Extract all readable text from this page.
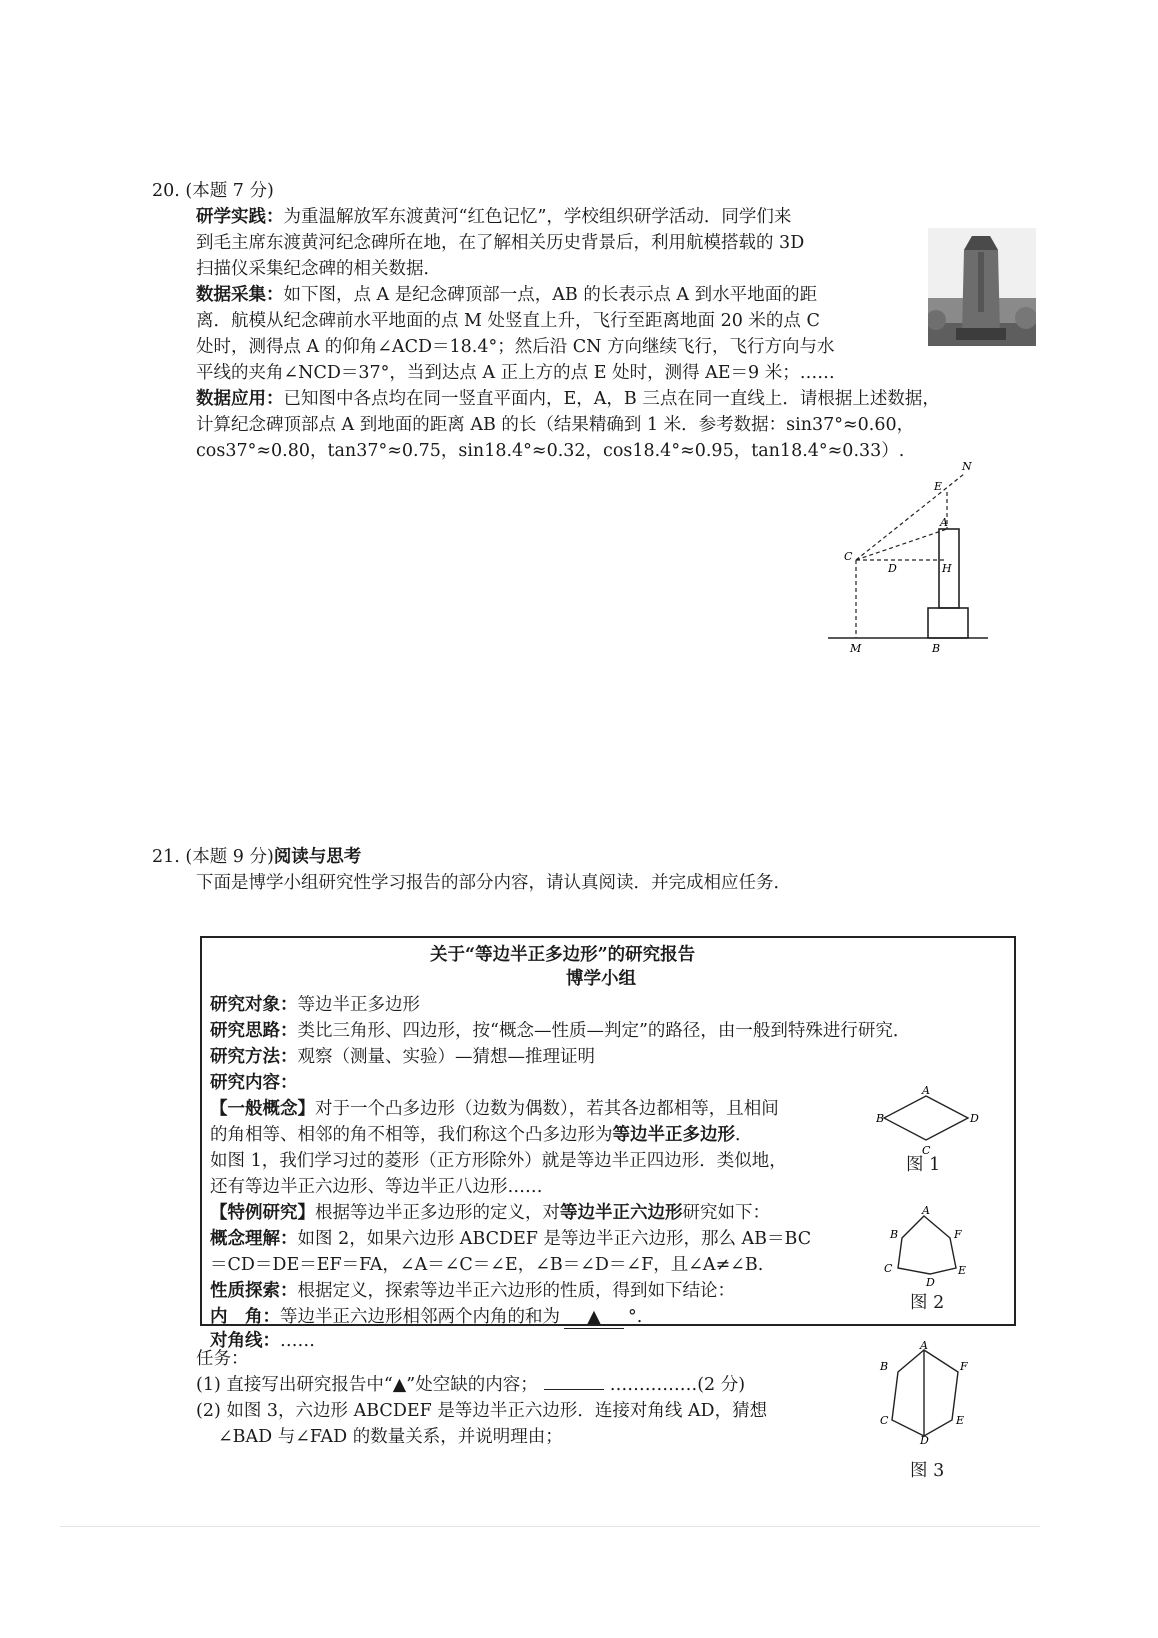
20. (本题 7 分)
研学实践：为重温解放军东渡黄河“红色记忆”，学校组织研学活动．同学们来
到毛主席东渡黄河纪念碑所在地，在了解相关历史背景后，利用航模搭载的 3D
扫描仪采集纪念碑的相关数据．
数据采集：如下图，点 A 是纪念碑顶部一点，AB 的长表示点 A 到水平地面的距
离．航模从纪念碑前水平地面的点 M 处竖直上升，飞行至距离地面 20 米的点 C
处时，测得点 A 的仰角∠ACD＝18.4°；然后沿 CN 方向继续飞行，飞行方向与水
平线的夹角∠NCD＝37°，当到达点 A 正上方的点 E 处时，测得 AE＝9 米；……
数据应用：已知图中各点均在同一竖直平面内，E，A，B 三点在同一直线上．请根据上述数据，
计算纪念碑顶部点 A 到地面的距离 AB 的长（结果精确到 1 米．参考数据：sin37°≈0.60，
cos37°≈0.80，tan37°≈0.75，sin18.4°≈0.32，cos18.4°≈0.95，tan18.4°≈0.33）.
N
E
A
C
D	H
M	B
21. (本题 9 分)阅读与思考
下面是博学小组研究性学习报告的部分内容，请认真阅读．并完成相应任务．
关于“等边半正多边形”的研究报告
博学小组
研究对象：等边半正多边形
研究思路：类比三角形、四边形，按“概念—性质—判定”的路径，由一般到特殊进行研究．
研究方法：观察（测量、实验）—猜想—推理证明
研究内容：
【一般概念】对于一个凸多边形（边数为偶数），若其各边都相等，且相间
的角相等、相邻的角不相等，我们称这个凸多边形为等边半正多边形．
如图 1，我们学习过的菱形（正方形除外）就是等边半正四边形．类似地，
还有等边半正六边形、等边半正八边形……
【特例研究】根据等边半正多边形的定义，对等边半正六边形研究如下：
概念理解：如图 2，如果六边形 ABCDEF 是等边半正六边形，那么 AB＝BC
＝CD＝DE＝EF＝FA，∠A＝∠C＝∠E，∠B＝∠D＝∠F，且∠A≠∠B.
性质探索：根据定义，探索等边半正六边形的性质，得到如下结论：
内　角：等边半正六边形相邻两个内角的和为 ▲ °.
A
B
C
D
图 1
A
B
C
D
E
F
图 2
对角线：……
任务：
(1) 直接写出研究报告中“▲”处空缺的内容；	……………(2 分)
(2) 如图 3，六边形 ABCDEF 是等边半正六边形．连接对角线 AD，猜想
∠BAD 与∠FAD 的数量关系，并说明理由；
A
B
C
D
E
F
图 3
